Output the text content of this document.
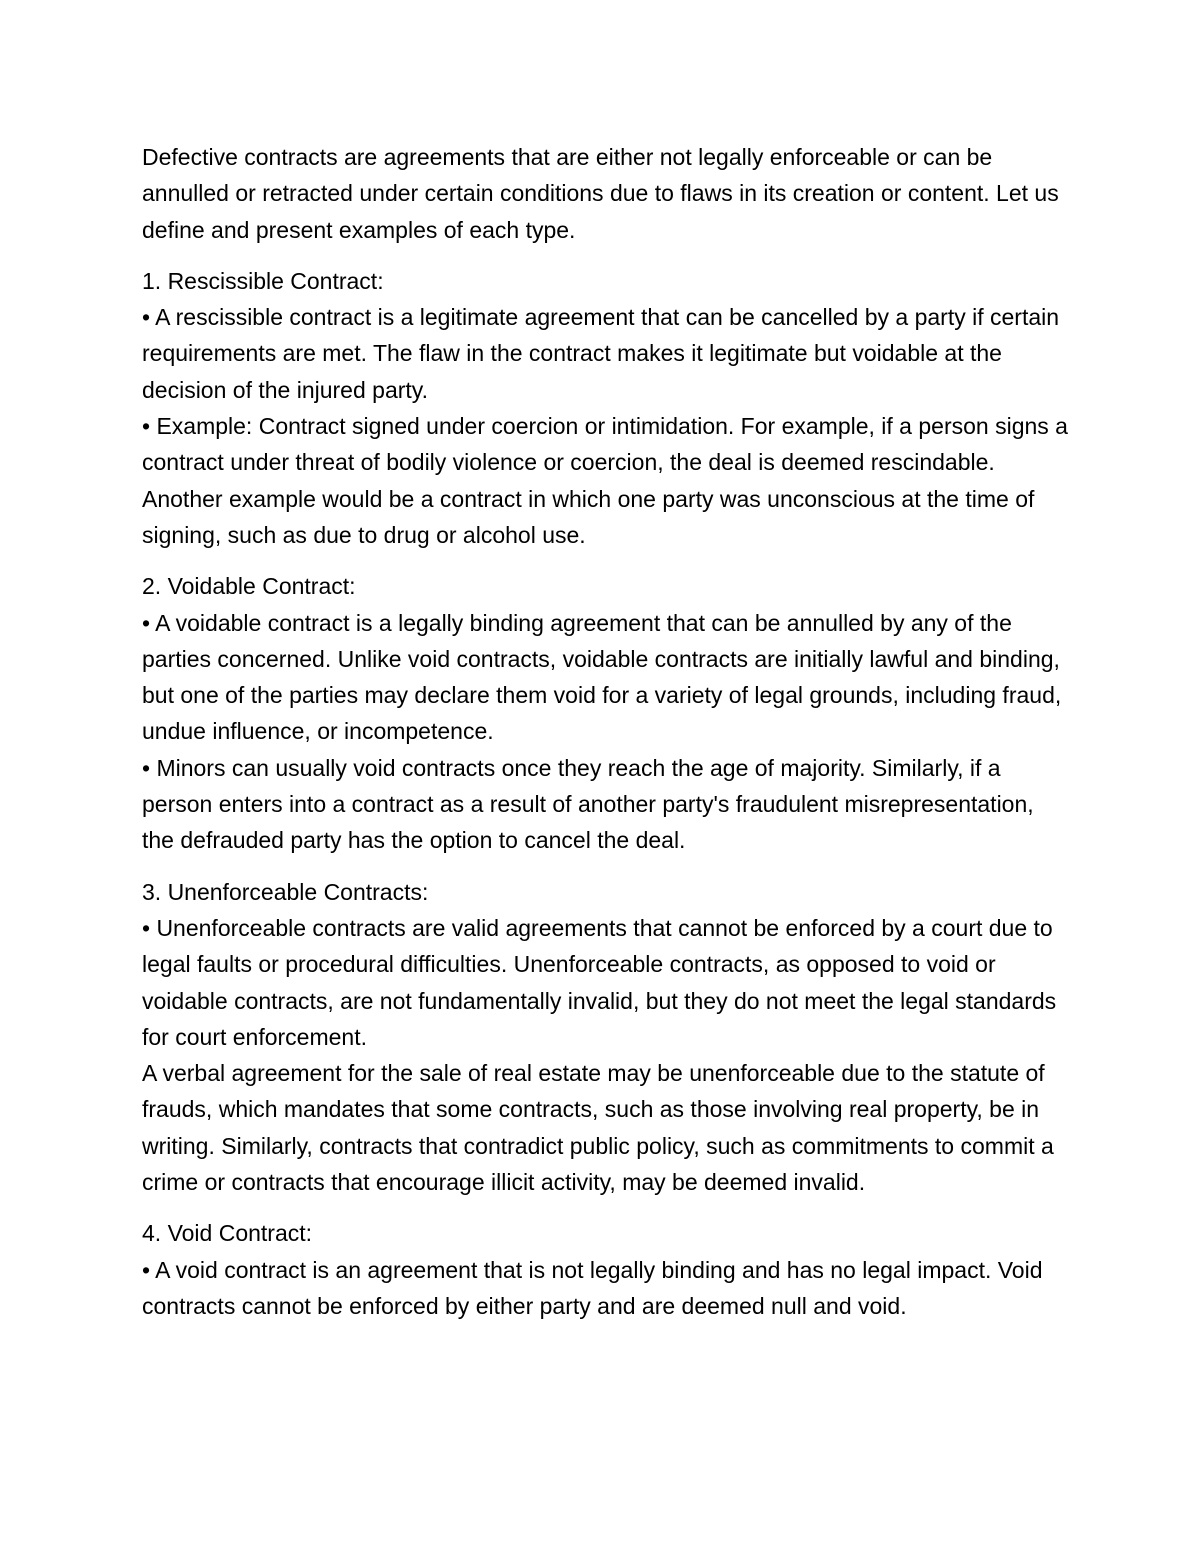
Defective contracts are agreements that are either not legally enforceable or can be annulled or retracted under certain conditions due to flaws in its creation or content. Let us define and present examples of each type.

1. Rescissible Contract:

• A rescissible contract is a legitimate agreement that can be cancelled by a party if certain requirements are met. The flaw in the contract makes it legitimate but voidable at the decision of the injured party.

• Example: Contract signed under coercion or intimidation. For example, if a person signs a contract under threat of bodily violence or coercion, the deal is deemed rescindable. Another example would be a contract in which one party was unconscious at the time of signing, such as due to drug or alcohol use.

2. Voidable Contract:

• A voidable contract is a legally binding agreement that can be annulled by any of the parties concerned. Unlike void contracts, voidable contracts are initially lawful and binding, but one of the parties may declare them void for a variety of legal grounds, including fraud, undue influence, or incompetence.

• Minors can usually void contracts once they reach the age of majority. Similarly, if a person enters into a contract as a result of another party's fraudulent misrepresentation, the defrauded party has the option to cancel the deal.

3. Unenforceable Contracts:

• Unenforceable contracts are valid agreements that cannot be enforced by a court due to legal faults or procedural difficulties. Unenforceable contracts, as opposed to void or voidable contracts, are not fundamentally invalid, but they do not meet the legal standards for court enforcement.

A verbal agreement for the sale of real estate may be unenforceable due to the statute of frauds, which mandates that some contracts, such as those involving real property, be in writing. Similarly, contracts that contradict public policy, such as commitments to commit a crime or contracts that encourage illicit activity, may be deemed invalid.

4. Void Contract:

• A void contract is an agreement that is not legally binding and has no legal impact. Void contracts cannot be enforced by either party and are deemed null and void.
